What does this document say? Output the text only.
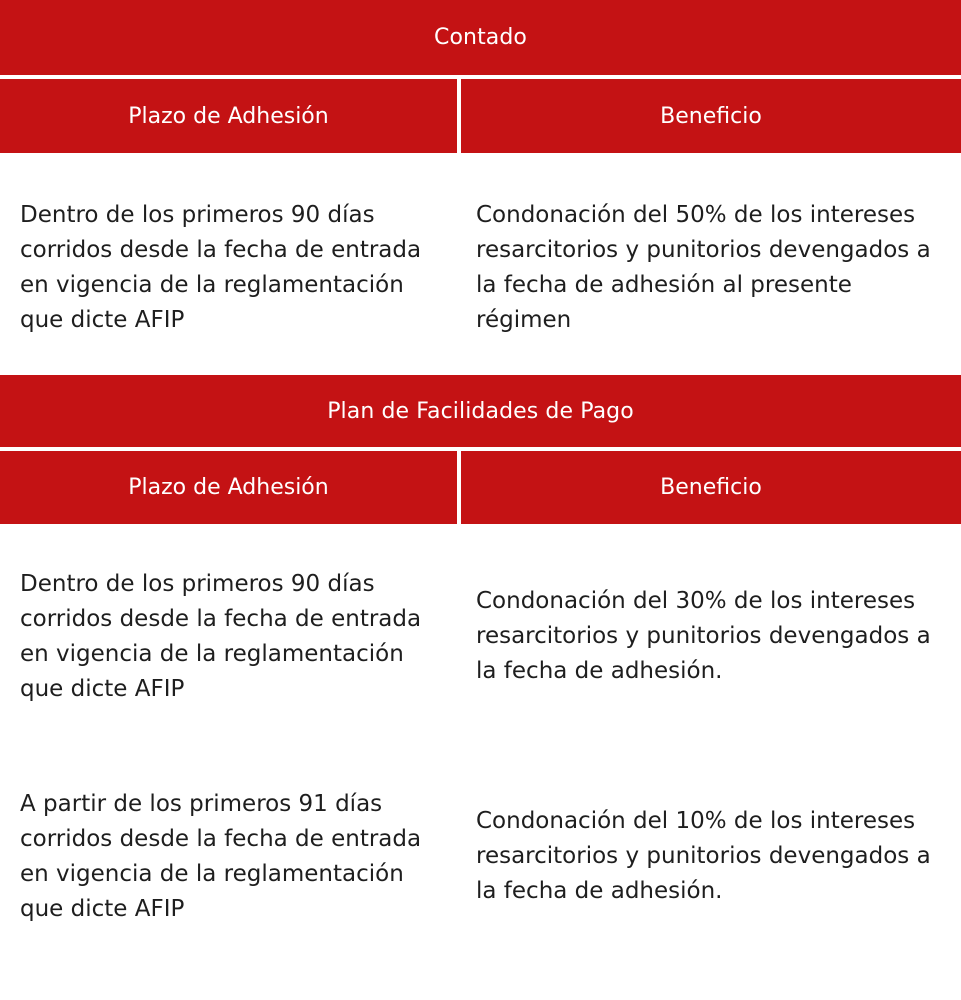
Contado
Plazo de Adhesión	Beneficio

Dentro de los primeros 90 días corridos desde la fecha de entrada en vigencia de la reglamentación que dicte AFIP

Condonación del 50% de los intereses resarcitorios y punitorios devengados a la fecha de adhesión al presente régimen

Plan de Facilidades de Pago
Plazo de Adhesión	Beneficio

Dentro de los primeros 90 días corridos desde la fecha de entrada en vigencia de la reglamentación que dicte AFIP

Condonación del 30% de los intereses resarcitorios y punitorios devengados a la fecha de adhesión.

A partir de los primeros 91 días corridos desde la fecha de entrada en vigencia de la reglamentación que dicte AFIP

Condonación del 10% de los intereses resarcitorios y punitorios devengados a la fecha de adhesión.
